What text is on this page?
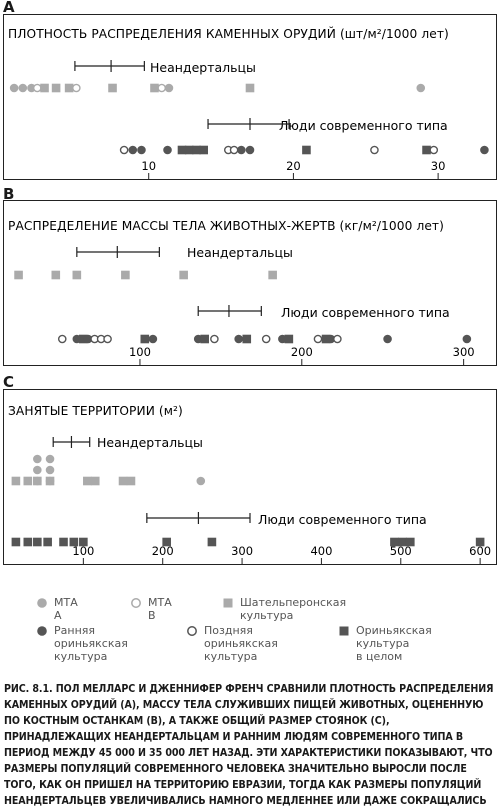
A
B
C
ПЛОТНОСТЬ РАСПРЕДЕЛЕНИЯ КАМЕННЫХ ОРУДИЙ (шт/м²/1000 лет)
Неандертальцы
Люди современного типа
10	20	30
РАСПРЕДЕЛЕНИЕ МАССЫ ТЕЛА ЖИВОТНЫХ-ЖЕРТВ (кг/м²/1000 лет)
Неандертальцы
Люди современного типа
100	200	300
ЗАНЯТЫЕ ТЕРРИТОРИИ (м²)
Неандертальцы
Люди современного типа
100	200	300	400	500	600
МТА А
МТА В
Шательперонская культура
Ранняя ориньякская
культура
Поздняя ориньякская
культура
Ориньякская культура
в целом
РИС. 8.1. ПОЛ МЕЛЛАРС И ДЖЕННИФЕР ФРЕНЧ СРАВНИЛИ ПЛОТНОСТЬ РАСПРЕДЕЛЕНИЯ КАМЕННЫХ ОРУДИЙ (A), МАССУ ТЕЛА СЛУЖИВШИХ ПИЩЕЙ ЖИВОТНЫХ, ОЦЕНЕННУЮ ПО КОСТНЫМ ОСТАНКАМ (B), А ТАКЖЕ ОБЩИЙ РАЗМЕР СТОЯНОК (C), ПРИНАДЛЕЖАЩИХ НЕАНДЕРТАЛЬЦАМ И РАННИМ ЛЮДЯМ СОВРЕМЕННОГО ТИПА В ПЕРИОД МЕЖДУ 45 000 И 35 000 ЛЕТ НАЗАД. ЭТИ ХАРАКТЕРИСТИКИ ПОКАЗЫВАЮТ, ЧТО РАЗМЕРЫ ПОПУЛЯЦИЙ СОВРЕМЕННОГО ЧЕЛОВЕКА ЗНАЧИТЕЛЬНО ВЫРОСЛИ ПОСЛЕ ТОГО, КАК ОН ПРИШЕЛ НА ТЕРРИТОРИЮ ЕВРАЗИИ, ТОГДА КАК РАЗМЕРЫ ПОПУЛЯЦИЙ НЕАНДЕРТАЛЬЦЕВ УВЕЛИЧИВАЛИСЬ НАМНОГО МЕДЛЕННЕЕ ИЛИ ДАЖЕ СОКРАЩАЛИСЬ
